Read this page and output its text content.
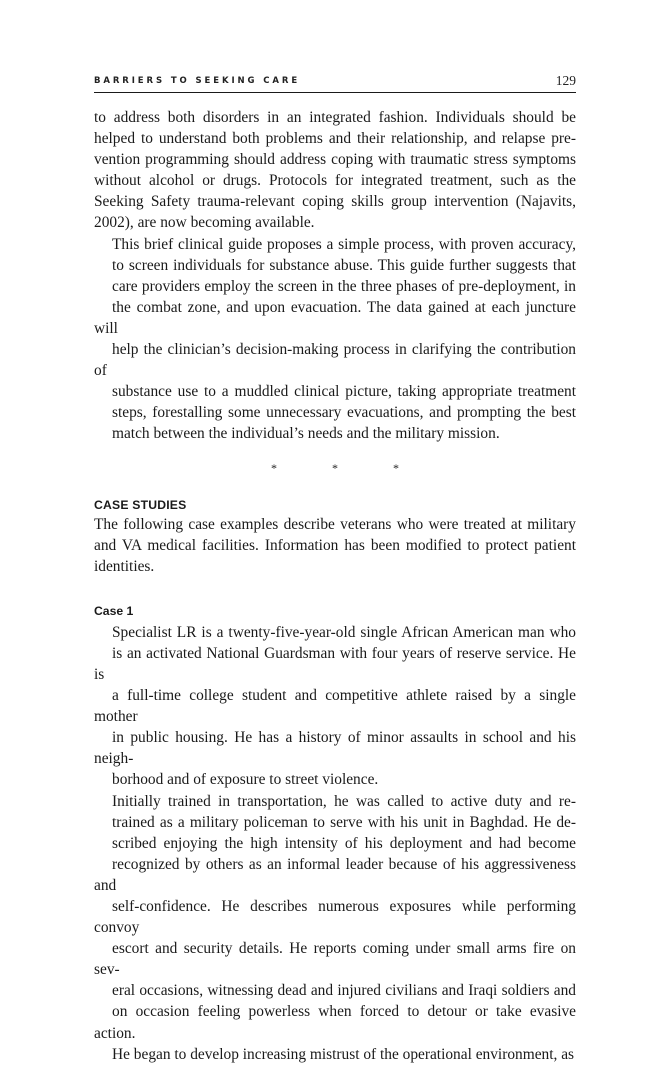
BARRIERS TO SEEKING CARE	129

to address both disorders in an integrated fashion. Individuals should be
helped to understand both problems and their relationship, and relapse pre-
vention programming should address coping with traumatic stress symptoms
without alcohol or drugs. Protocols for integrated treatment, such as the
Seeking Safety trauma-relevant coping skills group intervention (Najavits,
2002), are now becoming available.

This brief clinical guide proposes a simple process, with proven accuracy,
to screen individuals for substance abuse. This guide further suggests that
care providers employ the screen in the three phases of pre-deployment, in
the combat zone, and upon evacuation. The data gained at each juncture will
help the clinician’s decision-making process in clarifying the contribution of
substance use to a muddled clinical picture, taking appropriate treatment
steps, forestalling some unnecessary evacuations, and prompting the best
match between the individual’s needs and the military mission.

* * *
CASE STUDIES

The following case examples describe veterans who were treated at military
and VA medical facilities. Information has been modified to protect patient
identities.

Case 1

Specialist LR is a twenty-five-year-old single African American man who
is an activated National Guardsman with four years of reserve service. He is
a full-time college student and competitive athlete raised by a single mother
in public housing. He has a history of minor assaults in school and his neigh-
borhood and of exposure to street violence.

Initially trained in transportation, he was called to active duty and re-
trained as a military policeman to serve with his unit in Baghdad. He de-
scribed enjoying the high intensity of his deployment and had become
recognized by others as an informal leader because of his aggressiveness and
self-confidence. He describes numerous exposures while performing convoy
escort and security details. He reports coming under small arms fire on sev-
eral occasions, witnessing dead and injured civilians and Iraqi soldiers and
on occasion feeling powerless when forced to detour or take evasive action.
He began to develop increasing mistrust of the operational environment, as
